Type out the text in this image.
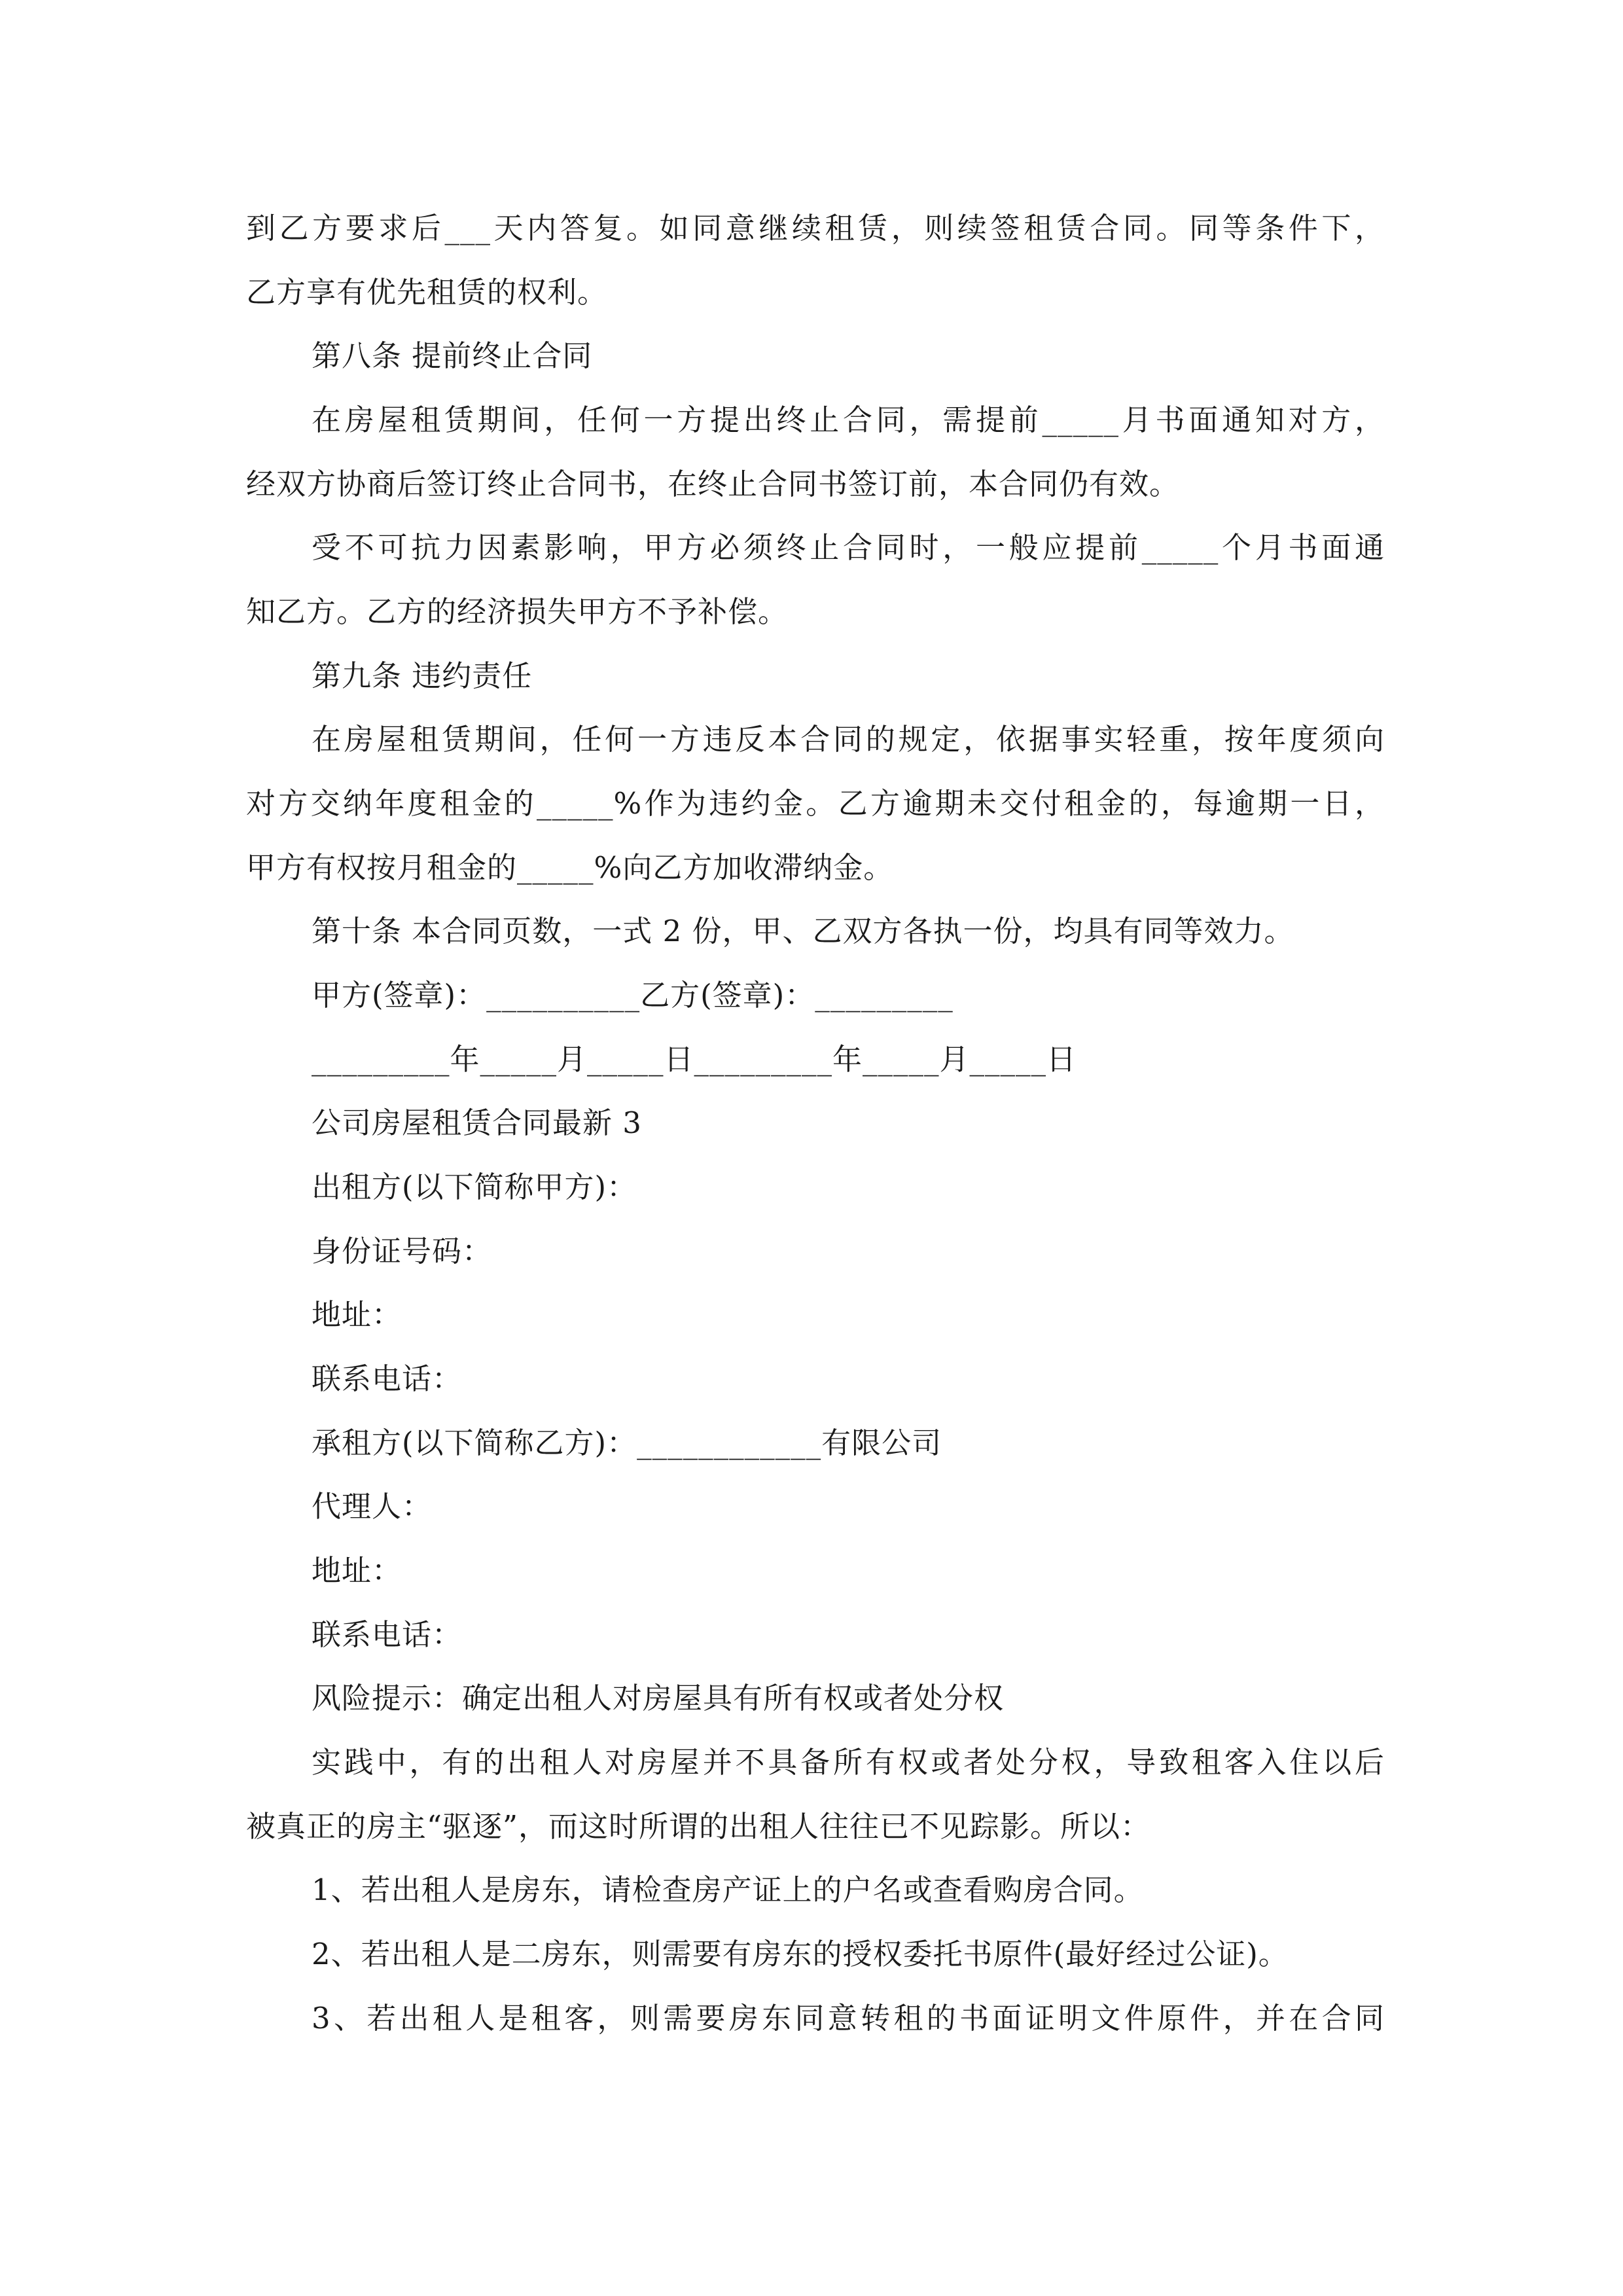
到乙方要求后___天内答复。如同意继续租赁，则续签租赁合同。同等条件下，
乙方享有优先租赁的权利。
第八条 提前终止合同
在房屋租赁期间，任何一方提出终止合同，需提前_____月书面通知对方，
经双方协商后签订终止合同书，在终止合同书签订前，本合同仍有效。
受不可抗力因素影响，甲方必须终止合同时，一般应提前_____个月书面通
知乙方。乙方的经济损失甲方不予补偿。
第九条 违约责任
在房屋租赁期间，任何一方违反本合同的规定，依据事实轻重，按年度须向
对方交纳年度租金的_____%作为违约金。乙方逾期未交付租金的，每逾期一日，
甲方有权按月租金的_____%向乙方加收滞纳金。
第十条 本合同页数，一式 2 份，甲、乙双方各执一份，均具有同等效力。
甲方(签章)：__________乙方(签章)：_________
_________年_____月_____日_________年_____月_____日
公司房屋租赁合同最新 3
出租方(以下简称甲方)：
身份证号码：
地址：
联系电话：
承租方(以下简称乙方)：____________有限公司
代理人：
地址：
联系电话：
风险提示：确定出租人对房屋具有所有权或者处分权
实践中，有的出租人对房屋并不具备所有权或者处分权，导致租客入住以后
被真正的房主“驱逐”，而这时所谓的出租人往往已不见踪影。所以：
1、若出租人是房东，请检查房产证上的户名或查看购房合同。
2、若出租人是二房东，则需要有房东的授权委托书原件(最好经过公证)。
3、若出租人是租客，则需要房东同意转租的书面证明文件原件，并在合同
